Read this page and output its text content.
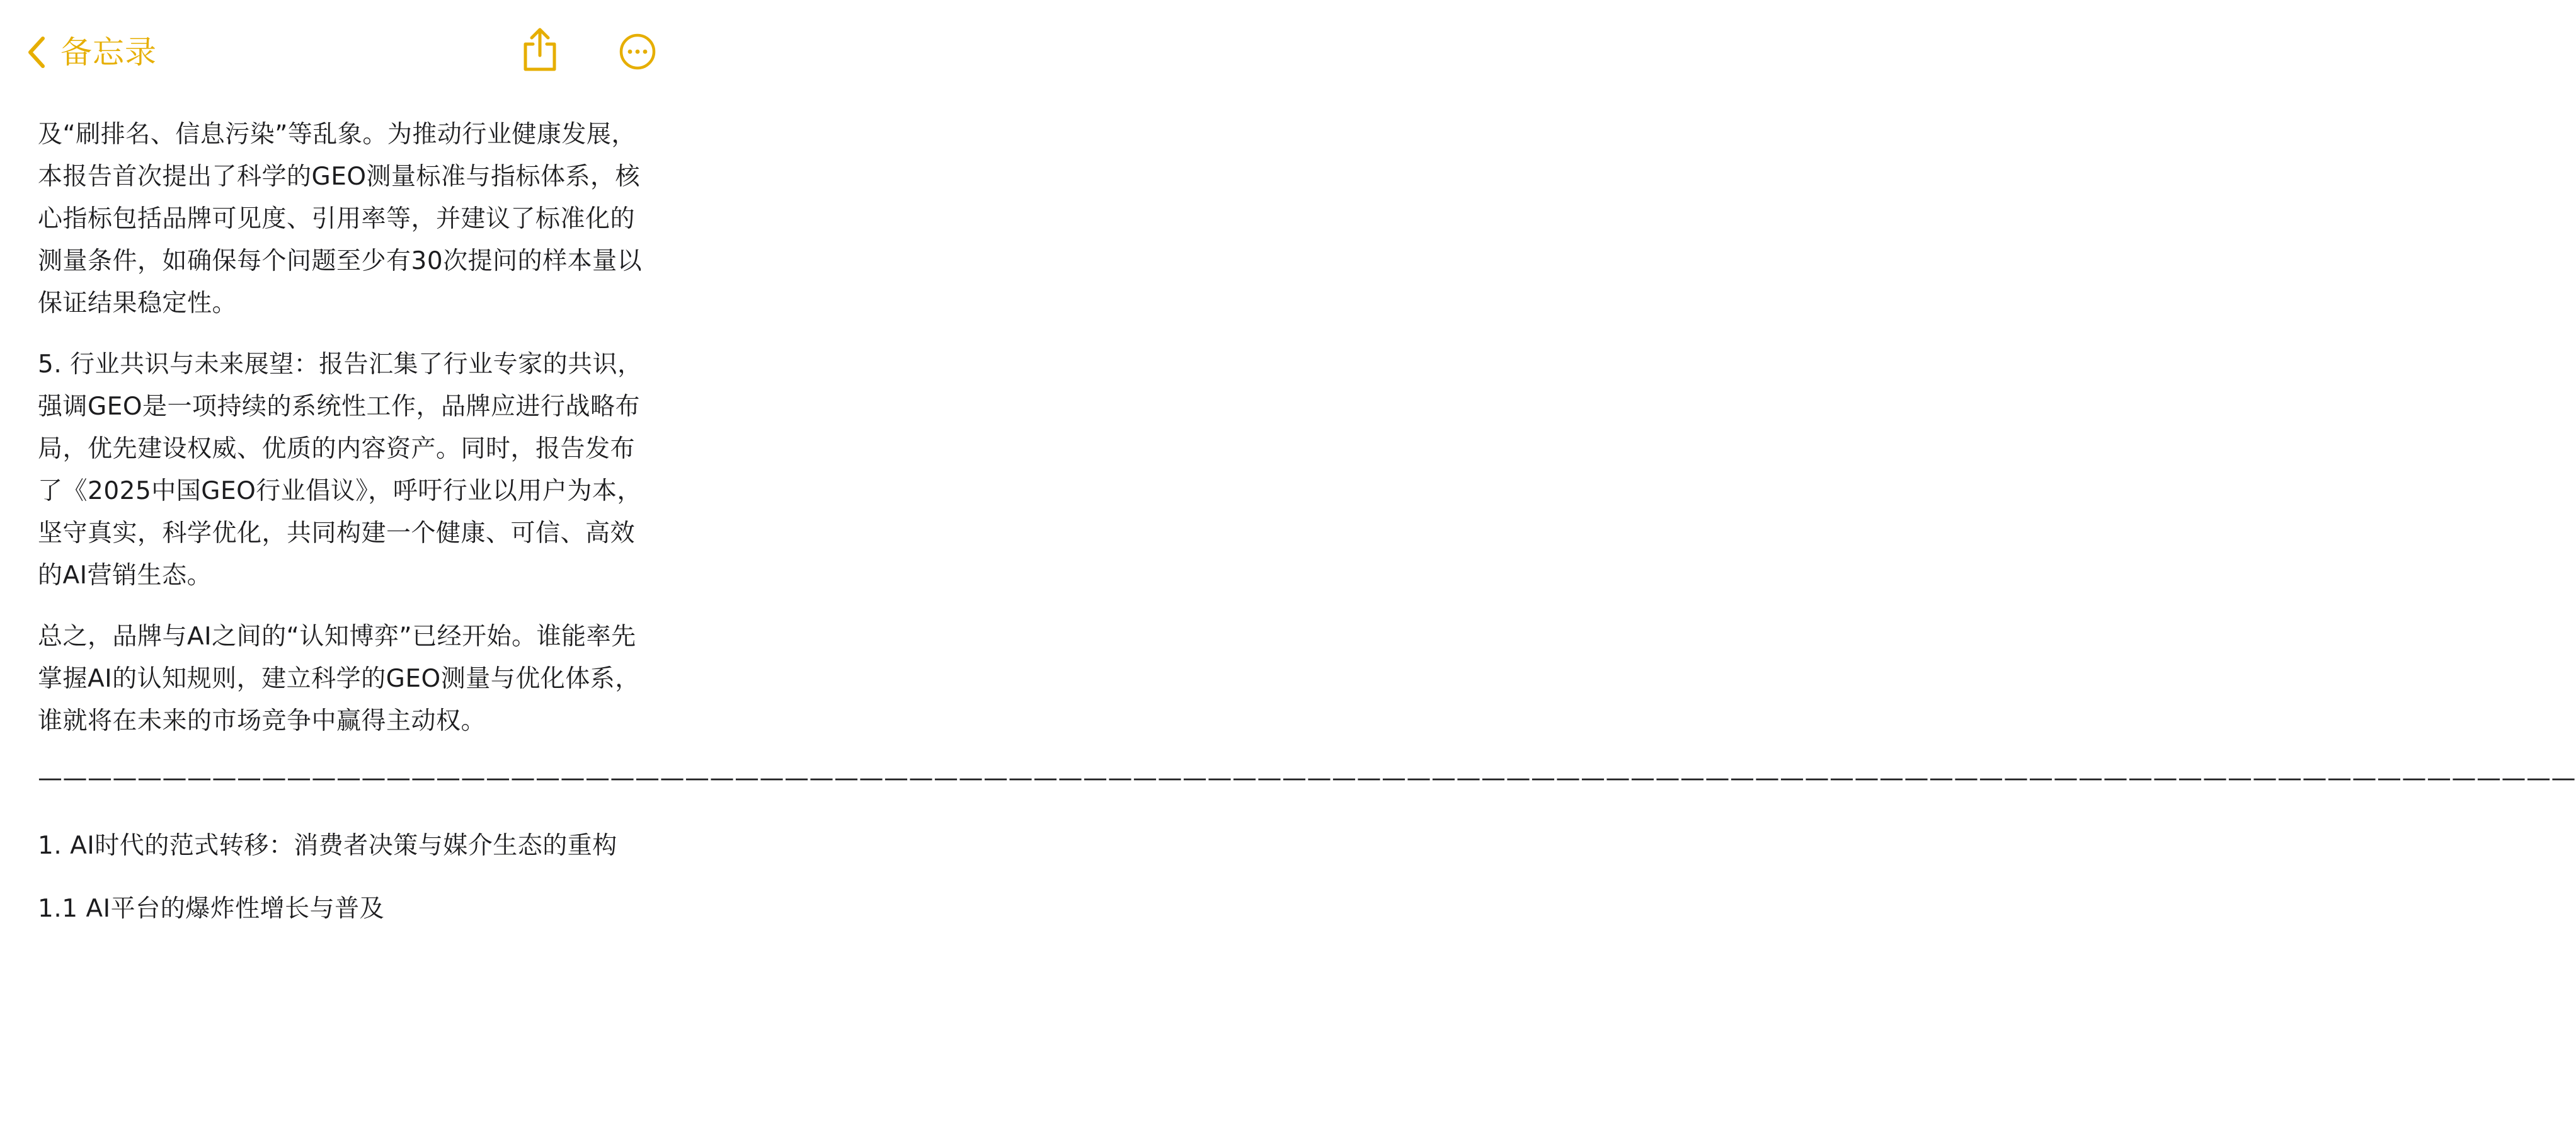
备忘录

及“刷排名、信息污染”等乱象。为推动行业健康发展，本报告首次提出了科学的GEO测量标准与指标体系，核心指标包括品牌可见度、引用率等，并建议了标准化的测量条件，如确保每个问题至少有30次提问的样本量以保证结果稳定性。

5. 行业共识与未来展望：报告汇集了行业专家的共识，强调GEO是一项持续的系统性工作，品牌应进行战略布局，优先建设权威、优质的内容资产。同时，报告发布了《2025中国GEO行业倡议》，呼吁行业以用户为本，坚守真实，科学优化，共同构建一个健康、可信、高效的AI营销生态。

总之，品牌与AI之间的“认知博弈”已经开始。谁能率先掌握AI的认知规则，建立科学的GEO测量与优化体系，谁就将在未来的市场竞争中赢得主动权。

——————————————————————————————————————————————————————————————————————————————————————————————————————

1. AI时代的范式转移：消费者决策与媒介生态的重构

1.1 AI平台的爆炸性增长与普及
